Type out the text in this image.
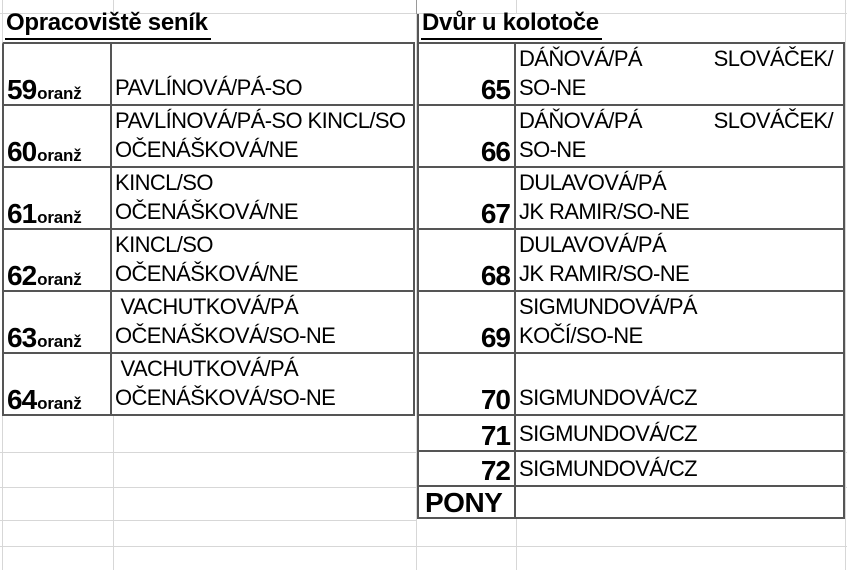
Opracoviště seník
59 oranž PAVLÍNOVÁ/PÁ-SO
60 oranž
PAVLÍNOVÁ/PÁ-SO KINCL/SO
OČENÁŠKOVÁ/NE
61 oranž
KINCL/SO
OČENÁŠKOVÁ/NE
62 oranž
KINCL/SO
OČENÁŠKOVÁ/NE
63 oranž
VACHUTKOVÁ/PÁ
OČENÁŠKOVÁ/SO-NE
64 oranž
VACHUTKOVÁ/PÁ
OČENÁŠKOVÁ/SO-NE
Dvůr u kolotoče
65
DÁŇOVÁ/PÁ	SLOVÁČEK/
SO-NE
66
DÁŇOVÁ/PÁ	SLOVÁČEK/
SO-NE
67
DULAVOVÁ/PÁ
JK RAMIR/SO-NE
68
DULAVOVÁ/PÁ
JK RAMIR/SO-NE
69
SIGMUNDOVÁ/PÁ
KOČÍ/SO-NE
70 SIGMUNDOVÁ/CZ
71 SIGMUNDOVÁ/CZ
72 SIGMUNDOVÁ/CZ
PONY
